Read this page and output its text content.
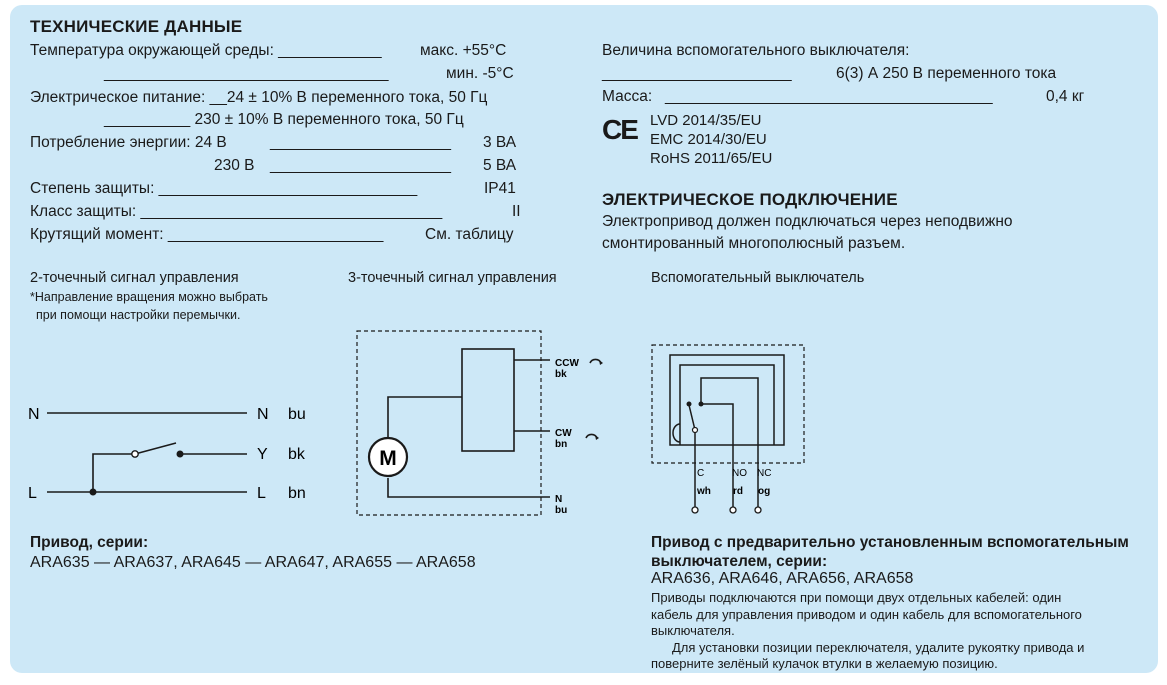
ТЕХНИЧЕСКИЕ ДАННЫЕ
Температура окружающей среды: ____________ макс. +55°C
_________________________________	мин. -5°C
Электрическое питание: __24 ± 10% В переменного тока, 50 Гц
__________ 230 ± 10% В переменного тока, 50 Гц
Потребление энергии: 24 В	_____________________ 3 ВА
230 В _____________________ 5 ВА
Степень защиты: ______________________________	IP41
Класс защиты: ___________________________________	II
Крутящий момент: _________________________	См. таблицу
Величина вспомогательного выключателя:
______________________	6(3) А 250 В переменного тока
Масса: ______________________________________	0,4 кг
CE LVD 2014/35/EU
EMC 2014/30/EU
RoHS 2011/65/EU
ЭЛЕКТРИЧЕСКОЕ ПОДКЛЮЧЕНИЕ
Электропривод должен подключаться через неподвижно
смонтированный многополюсный разъем.
2-точечный сигнал управления
*Направление вращения можно выбрать
при помощи настройки перемычки.
3-точечный сигнал управления	Вспомогательный выключатель
N	N bu
Y bk
L	L bn
M
CCW
bk
CW
bn
N
bu
C
wh
NO
rd
NC
og
Привод, серии:
ARA635 — ARA637, ARA645 — ARA647, ARA655 — ARA658
Привод с предварительно установленным вспомогательным
выключателем, серии:
ARA636, ARA646, ARA656, ARA658
Приводы подключаются при помощи двух отдельных кабелей: один
кабель для управления приводом и один кабель для вспомогательного
выключателя.
Для установки позиции переключателя, удалите рукоятку привода и
поверните зелёный кулачок втулки в желаемую позицию.
